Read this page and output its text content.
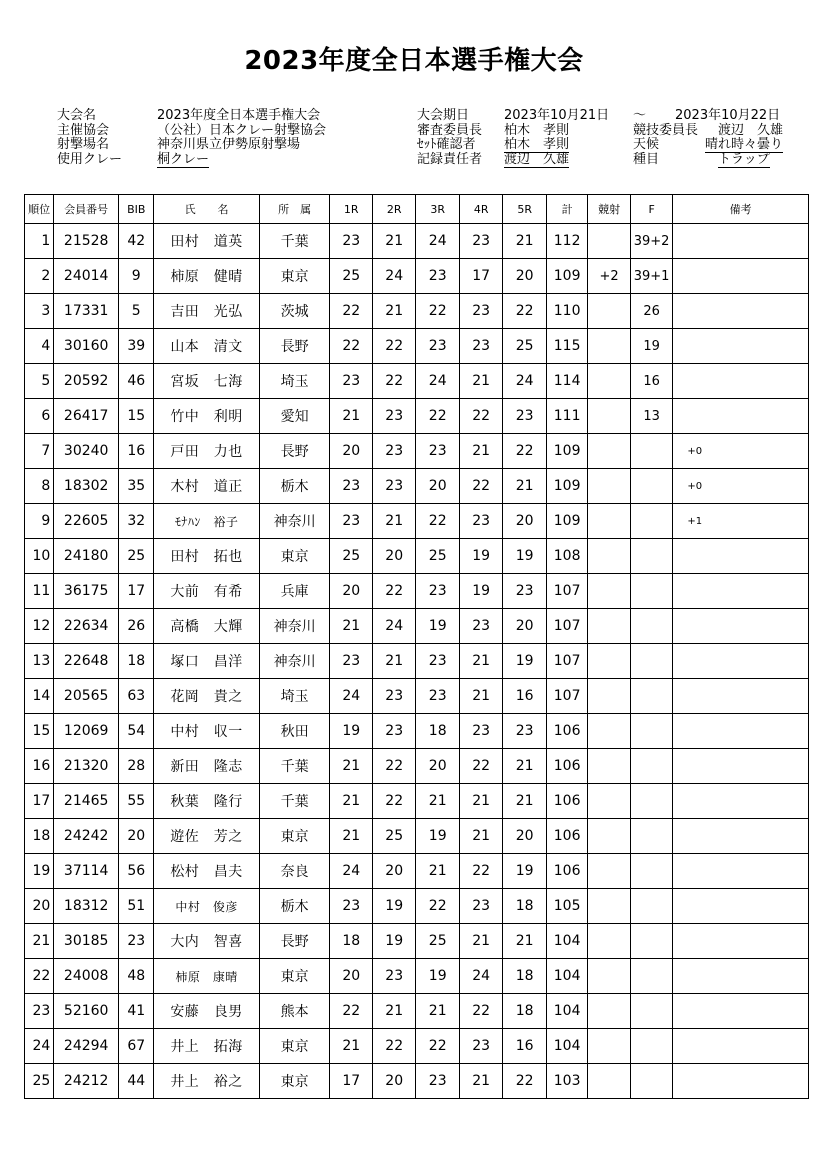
2023年度全日本選手権大会
大会名	2023年度全日本選手権大会
主催協会	（公社）日本クレー射撃協会
射撃場名	神奈川県立伊勢原射撃場
使用クレー	桐クレー
大会期日	2023年10月21日
審査委員長 柏木　孝則
ｾｯﾄ確認者 柏木　孝則
記録責任者 渡辺　久雄
～	2023年10月22日
競技委員長 渡辺　久雄
天候	晴れ時々曇り
種目	トラップ
順位	会員番号	BIB	氏　　名	所　属	1R	2R	3R	4R	5R	計	競射	F	備考
1	21528	42	田村　道英	千葉	23	21	24	23	21	112		39+2	
2	24014	9	柿原　健晴	東京	25	24	23	17	20	109	+2	39+1	
3	17331	5	吉田　光弘	茨城	22	21	22	23	22	110		26	
4	30160	39	山本　清文	長野	22	22	23	23	25	115		19	
5	20592	46	宮坂　七海	埼玉	23	22	24	21	24	114		16	
6	26417	15	竹中　利明	愛知	21	23	22	22	23	111		13	
7	30240	16	戸田　力也	長野	20	23	23	21	22	109			+0
8	18302	35	木村　道正	栃木	23	23	20	22	21	109			+0
9	22605	32	ﾓﾅﾊﾝ　裕子	神奈川	23	21	22	23	20	109			+1
10	24180	25	田村　拓也	東京	25	20	25	19	19	108			
11	36175	17	大前　有希	兵庫	20	22	23	19	23	107			
12	22634	26	高橋　大輝	神奈川	21	24	19	23	20	107			
13	22648	18	塚口　昌洋	神奈川	23	21	23	21	19	107			
14	20565	63	花岡　貴之	埼玉	24	23	23	21	16	107			
15	12069	54	中村　収一	秋田	19	23	18	23	23	106			
16	21320	28	新田　隆志	千葉	21	22	20	22	21	106			
17	21465	55	秋葉　隆行	千葉	21	22	21	21	21	106			
18	24242	20	遊佐　芳之	東京	21	25	19	21	20	106			
19	37114	56	松村　昌夫	奈良	24	20	21	22	19	106			
20	18312	51	中村　俊彦	栃木	23	19	22	23	18	105			
21	30185	23	大内　智喜	長野	18	19	25	21	21	104			
22	24008	48	柿原　康晴	東京	20	23	19	24	18	104			
23	52160	41	安藤　良男	熊本	22	21	21	22	18	104			
24	24294	67	井上　拓海	東京	21	22	22	23	16	104			
25	24212	44	井上　裕之	東京	17	20	23	21	22	103			
